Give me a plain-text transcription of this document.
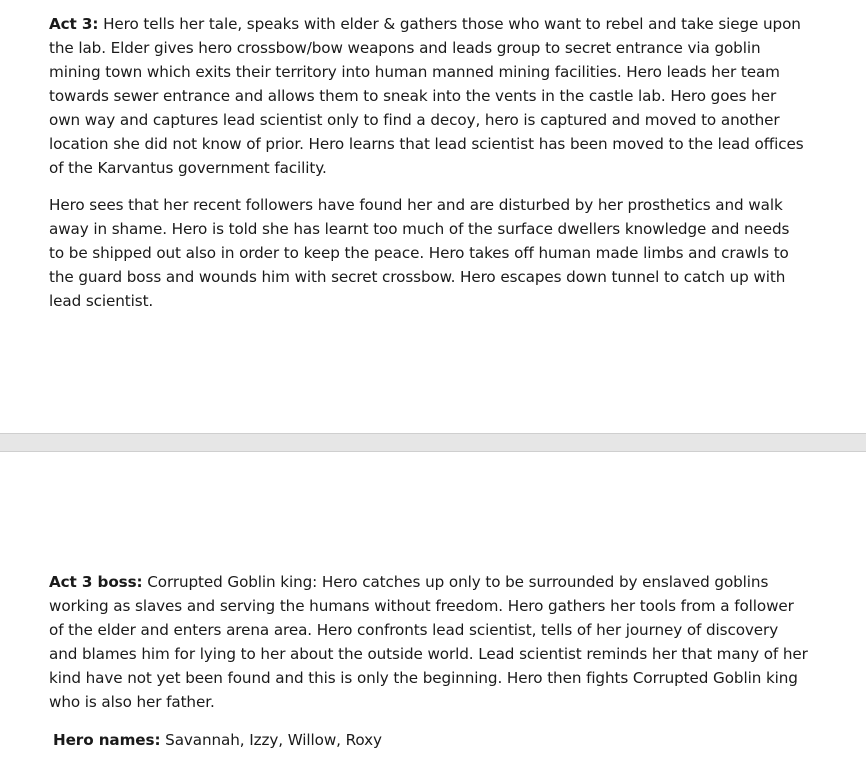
Act 3: Hero tells her tale, speaks with elder & gathers those who want to rebel and take siege upon the lab. Elder gives hero crossbow/bow weapons and leads group to secret entrance via goblin mining town which exits their territory into human manned mining facilities. Hero leads her team towards sewer entrance and allows them to sneak into the vents in the castle lab. Hero goes her own way and captures lead scientist only to find a decoy, hero is captured and moved to another location she did not know of prior. Hero learns that lead scientist has been moved to the lead offices of the Karvantus government facility.

Hero sees that her recent followers have found her and are disturbed by her prosthetics and walk away in shame. Hero is told she has learnt too much of the surface dwellers knowledge and needs to be shipped out also in order to keep the peace. Hero takes off human made limbs and crawls to the guard boss and wounds him with secret crossbow. Hero escapes down tunnel to catch up with lead scientist.

Act 3 boss: Corrupted Goblin king: Hero catches up only to be surrounded by enslaved goblins working as slaves and serving the humans without freedom. Hero gathers her tools from a follower of the elder and enters arena area. Hero confronts lead scientist, tells of her journey of discovery and blames him for lying to her about the outside world. Lead scientist reminds her that many of her kind have not yet been found and this is only the beginning. Hero then fights Corrupted Goblin king who is also her father.

Hero names: Savannah, Izzy, Willow, Roxy
